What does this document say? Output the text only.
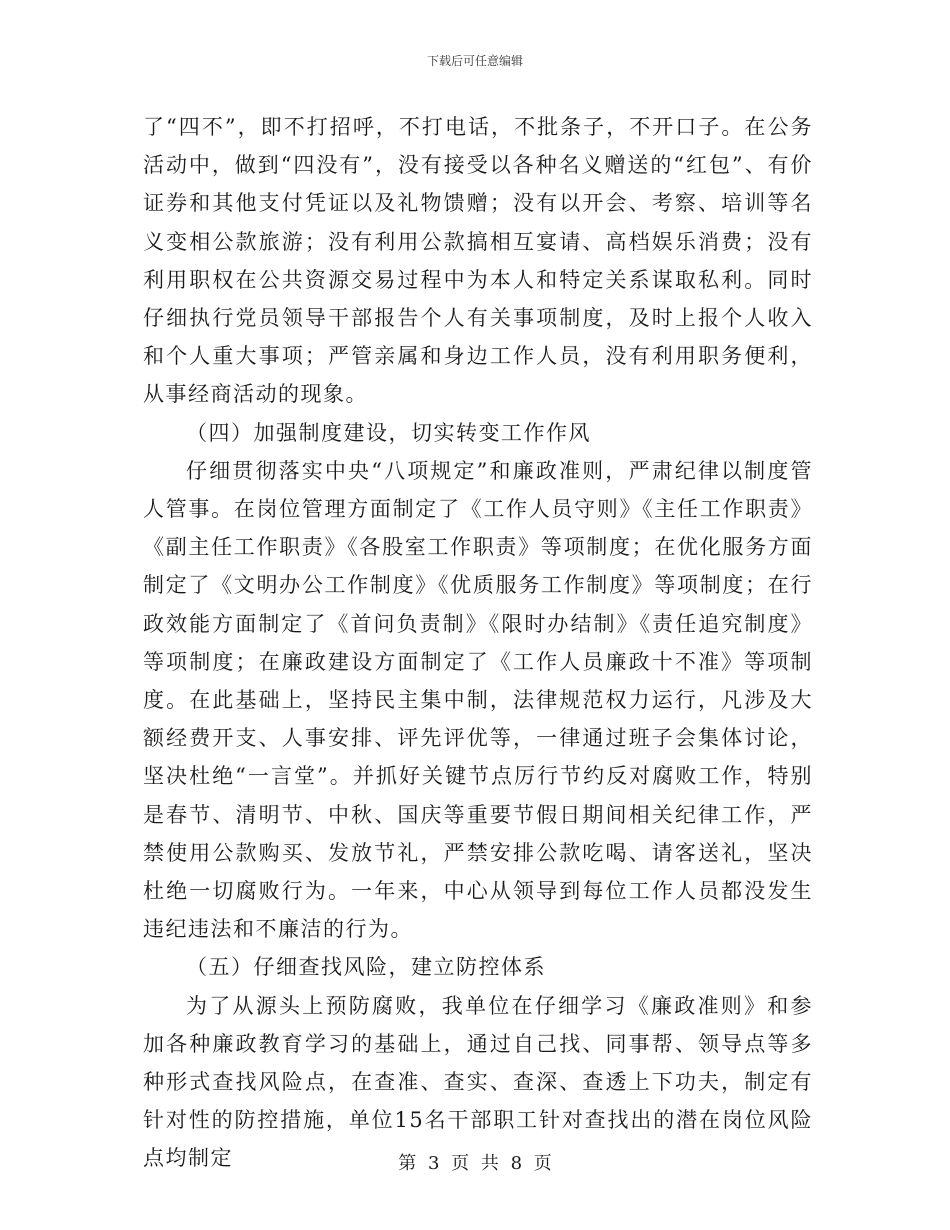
下载后可任意编辑

了“四不”，即不打招呼，不打电话，不批条子，不开口子。在公务活动中，做到“四没有”，没有接受以各种名义赠送的“红包”、有价证券和其他支付凭证以及礼物馈赠；没有以开会、考察、培训等名义变相公款旅游；没有利用公款搞相互宴请、高档娱乐消费；没有利用职权在公共资源交易过程中为本人和特定关系谋取私利。同时仔细执行党员领导干部报告个人有关事项制度，及时上报个人收入和个人重大事项；严管亲属和身边工作人员，没有利用职务便利，从事经商活动的现象。

（四）加强制度建设，切实转变工作作风

仔细贯彻落实中央“八项规定”和廉政准则，严肃纪律以制度管人管事。在岗位管理方面制定了《工作人员守则》《主任工作职责》《副主任工作职责》《各股室工作职责》等项制度；在优化服务方面制定了《文明办公工作制度》《优质服务工作制度》等项制度；在行政效能方面制定了《首问负责制》《限时办结制》《责任追究制度》等项制度；在廉政建设方面制定了《工作人员廉政十不准》等项制度。在此基础上，坚持民主集中制，法律规范权力运行，凡涉及大额经费开支、人事安排、评先评优等，一律通过班子会集体讨论，坚决杜绝“一言堂”。并抓好关键节点厉行节约反对腐败工作，特别是春节、清明节、中秋、国庆等重要节假日期间相关纪律工作，严禁使用公款购买、发放节礼，严禁安排公款吃喝、请客送礼，坚决杜绝一切腐败行为。一年来，中心从领导到每位工作人员都没发生违纪违法和不廉洁的行为。

（五）仔细查找风险，建立防控体系

为了从源头上预防腐败，我单位在仔细学习《廉政准则》和参加各种廉政教育学习的基础上，通过自己找、同事帮、领导点等多种形式查找风险点，在查准、查实、查深、查透上下功夫，制定有针对性的防控措施，单位15名干部职工针对查找出的潜在岗位风险点均制定	第 3 页 共 8 页
